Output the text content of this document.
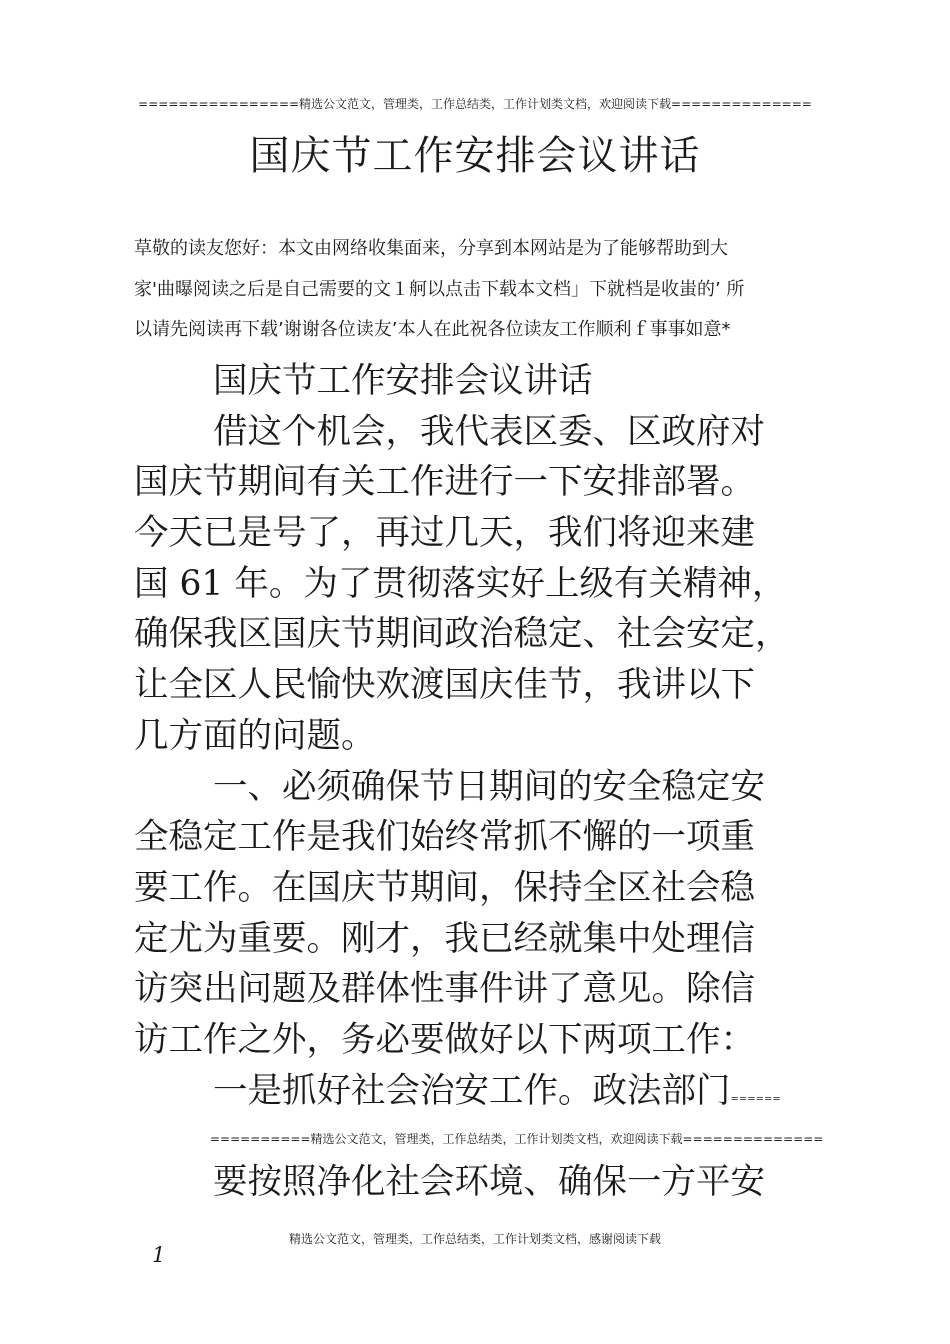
================精选公文范文，管理类，工作总结类，工作计划类文档，欢迎阅读下载==============
国庆节工作安排会议讲话
草敬的读友您好：本文由网络收集面来，分享到本网站是为了能够帮助到大
家'曲曝阅读之后是自己需要的文１舸以点击下载本文档」下就档是收蚩的’ 所
以请先阅读再下载’谢谢各位读友’本人在此祝各位读友工作顺利ｆ事事如意*
国庆节工作安排会议讲话
借这个机会，我代表区委、区政府对
国庆节期间有关工作进行一下安排部署。
今天已是号了，再过几天，我们将迎来建
国 61 年。为了贯彻落实好上级有关精神，
确保我区国庆节期间政治稳定、社会安定，
让全区人民愉快欢渡国庆佳节，我讲以下
几方面的问题。
一、必须确保节日期间的安全稳定安
全稳定工作是我们始终常抓不懈的一项重
要工作。在国庆节期间，保持全区社会稳
定尤为重要。刚才，我已经就集中处理信
访突出问题及群体性事件讲了意见。除信
访工作之外，务必要做好以下两项工作：
一是抓好社会治安工作。政法部门======
==========精选公文范文，管理类，工作总结类，工作计划类文档，欢迎阅读下载==============
要按照净化社会环境、确保一方平安
精选公文范文，管理类，工作总结类，工作计划类文档，感谢阅读下载
1
